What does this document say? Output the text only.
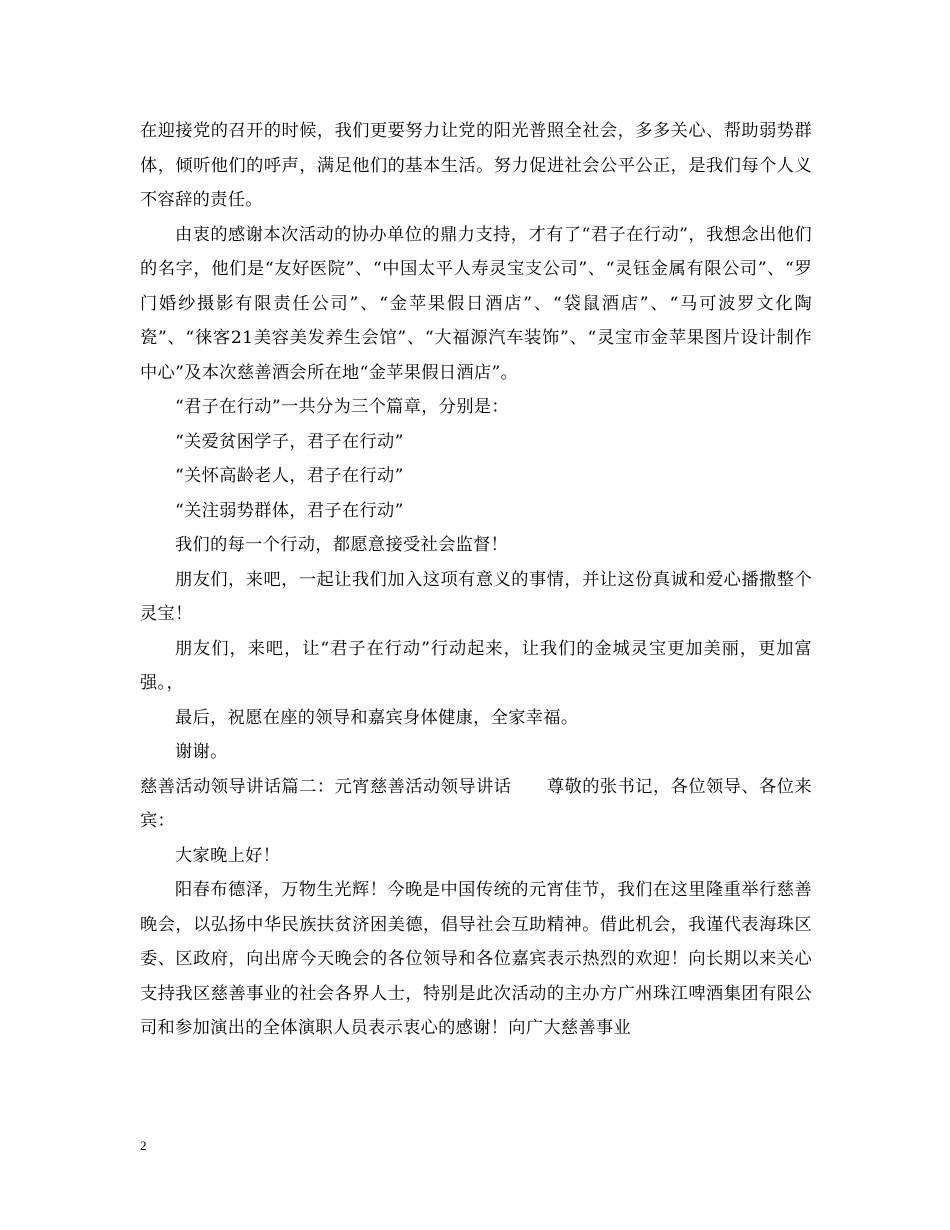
在迎接党的召开的时候，我们更要努力让党的阳光普照全社会，多多关心、帮助弱势群体，倾听他们的呼声，满足他们的基本生活。努力促进社会公平公正，是我们每个人义不容辞的责任。

由衷的感谢本次活动的协办单位的鼎力支持，才有了“君子在行动”，我想念出他们的名字，他们是“友好医院”、“中国太平人寿灵宝支公司”、“灵钰金属有限公司”、“罗门婚纱摄影有限责任公司”、“金苹果假日酒店”、“袋鼠酒店”、“马可波罗文化陶瓷”、“徕客21美容美发养生会馆”、“大福源汽车装饰”、“灵宝市金苹果图片设计制作中心”及本次慈善酒会所在地“金苹果假日酒店”。

“君子在行动”一共分为三个篇章，分别是：

“关爱贫困学子，君子在行动”

“关怀高龄老人，君子在行动”

“关注弱势群体，君子在行动”

我们的每一个行动，都愿意接受社会监督！

朋友们，来吧，一起让我们加入这项有意义的事情，并让这份真诚和爱心播撒整个灵宝！

朋友们，来吧，让“君子在行动”行动起来，让我们的金城灵宝更加美丽，更加富强。，

最后，祝愿在座的领导和嘉宾身体健康，全家幸福。

谢谢。

慈善活动领导讲话篇二：元宵慈善活动领导讲话　　尊敬的张书记，各位领导、各位来宾：

大家晚上好！

阳春布德泽，万物生光辉！今晚是中国传统的元宵佳节，我们在这里隆重举行慈善晚会，以弘扬中华民族扶贫济困美德，倡导社会互助精神。借此机会，我谨代表海珠区委、区政府，向出席今天晚会的各位领导和各位嘉宾表示热烈的欢迎！向长期以来关心支持我区慈善事业的社会各界人士，特别是此次活动的主办方广州珠江啤酒集团有限公司和参加演出的全体演职人员表示衷心的感谢！向广大慈善事业

2
